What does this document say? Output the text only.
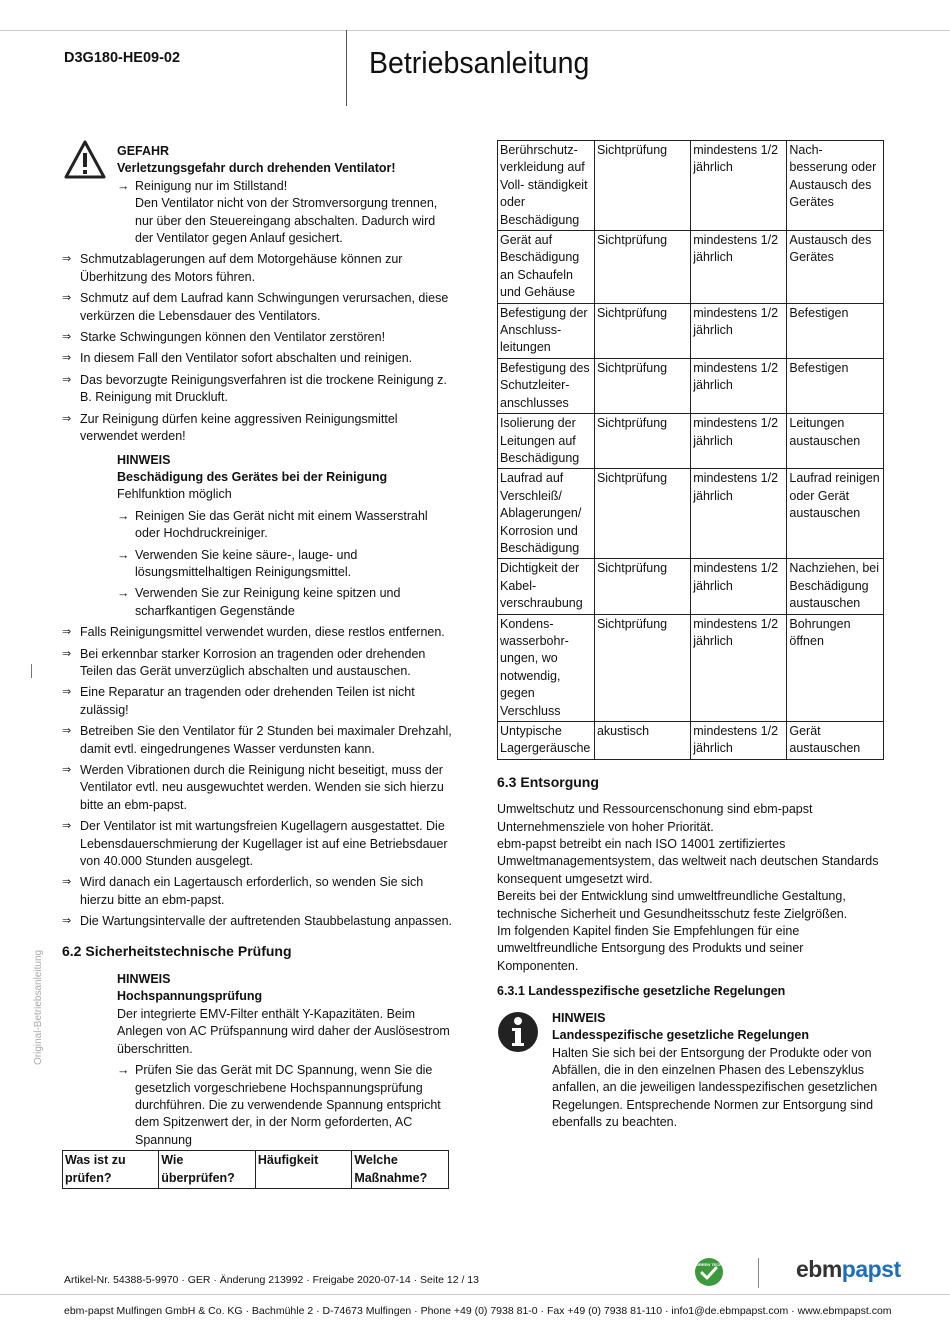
D3G180-HE09-02	Betriebsanleitung
Original-Betriebsanleitung

GEFAHR

Verletzungsgefahr durch drehenden Ventilator!

→ Reinigung nur im Stillstand!

Den Ventilator nicht von der Stromversorgung trennen, nur über den Steuereingang abschalten. Dadurch wird der Ventilator gegen Anlauf gesichert.

⇒ Schmutzablagerungen auf dem Motorgehäuse können zur Überhitzung des Motors führen.

⇒ Schmutz auf dem Laufrad kann Schwingungen verursachen, diese verkürzen die Lebensdauer des Ventilators.

⇒ Starke Schwingungen können den Ventilator zerstören!

⇒ In diesem Fall den Ventilator sofort abschalten und reinigen.

⇒ Das bevorzugte Reinigungsverfahren ist die trockene Reinigung z. B. Reinigung mit Druckluft.

⇒ Zur Reinigung dürfen keine aggressiven Reinigungsmittel verwendet werden!

HINWEIS

Beschädigung des Gerätes bei der Reinigung

Fehlfunktion möglich

→ Reinigen Sie das Gerät nicht mit einem Wasserstrahl oder Hochdruckreiniger.

→ Verwenden Sie keine säure-, lauge- und lösungsmittelhaltigen Reinigungsmittel.

→ Verwenden Sie zur Reinigung keine spitzen und scharfkantigen Gegenstände

⇒ Falls Reinigungsmittel verwendet wurden, diese restlos entfernen.

⇒ Bei erkennbar starker Korrosion an tragenden oder drehenden Teilen das Gerät unverzüglich abschalten und austauschen.

⇒ Eine Reparatur an tragenden oder drehenden Teilen ist nicht zulässig!

⇒ Betreiben Sie den Ventilator für 2 Stunden bei maximaler Drehzahl, damit evtl. eingedrungenes Wasser verdunsten kann.

⇒ Werden Vibrationen durch die Reinigung nicht beseitigt, muss der Ventilator evtl. neu ausgewuchtet werden. Wenden sie sich hierzu bitte an ebm-papst.

⇒ Der Ventilator ist mit wartungsfreien Kugellagern ausgestattet. Die Lebensdauerschmierung der Kugellager ist auf eine Betriebsdauer von 40.000 Stunden ausgelegt.

⇒ Wird danach ein Lagertausch erforderlich, so wenden Sie sich hierzu bitte an ebm-papst.

⇒ Die Wartungsintervalle der auftretenden Staubbelastung anpassen.

6.2 Sicherheitstechnische Prüfung

HINWEIS

Hochspannungsprüfung

Der integrierte EMV-Filter enthält Y-Kapazitäten. Beim Anlegen von AC Prüfspannung wird daher der Auslösestrom überschritten.

→ Prüfen Sie das Gerät mit DC Spannung, wenn Sie die gesetzlich vorgeschriebene Hochspannungsprüfung durchführen. Die zu verwendende Spannung entspricht dem Spitzenwert der, in der Norm geforderten, AC Spannung

Was ist zu prüfen?	Wie überprüfen?	Häufigkeit	Welche Maßnahme?
Berührschutz- verkleidung auf Voll- ständigkeit oder Beschädigung	Sichtprüfung	mindestens 1/2 jährlich	Nach- besserung oder Austausch des Gerätes
Gerät auf Beschädigung an Schaufeln und Gehäuse	Sichtprüfung	mindestens 1/2 jährlich	Austausch des Gerätes
Befestigung der Anschluss- leitungen	Sichtprüfung	mindestens 1/2 jährlich	Befestigen
Befestigung des Schutzleiter- anschlusses	Sichtprüfung	mindestens 1/2 jährlich	Befestigen
Isolierung der Leitungen auf Beschädigung	Sichtprüfung	mindestens 1/2 jährlich	Leitungen austauschen
Laufrad auf Verschleiß/ Ablagerungen/ Korrosion und Beschädigung	Sichtprüfung	mindestens 1/2 jährlich	Laufrad reinigen oder Gerät austauschen
Dichtigkeit der Kabel- verschraubung	Sichtprüfung	mindestens 1/2 jährlich	Nachziehen, bei Beschädigung austauschen
Kondens- wasserbohr- ungen, wo notwendig, gegen Verschluss	Sichtprüfung	mindestens 1/2 jährlich	Bohrungen öffnen
Untypische Lagergeräusche	akustisch	mindestens 1/2 jährlich	Gerät austauschen
6.3 Entsorgung

Umweltschutz und Ressourcenschonung sind ebm-papst Unternehmensziele von hoher Priorität.

ebm-papst betreibt ein nach ISO 14001 zertifiziertes Umweltmanagementsystem, das weltweit nach deutschen Standards konsequent umgesetzt wird.

Bereits bei der Entwicklung sind umweltfreundliche Gestaltung, technische Sicherheit und Gesundheitsschutz feste Zielgrößen.

Im folgenden Kapitel finden Sie Empfehlungen für eine umweltfreundliche Entsorgung des Produkts und seiner Komponenten.

6.3.1 Landesspezifische gesetzliche Regelungen

HINWEIS

Landesspezifische gesetzliche Regelungen

Halten Sie sich bei der Entsorgung der Produkte oder von Abfällen, die in den einzelnen Phasen des Lebenszyklus anfallen, an die jeweiligen landesspezifischen gesetzlichen Regelungen. Entsprechende Normen zur Entsorgung sind ebenfalls zu beachten.

Artikel-Nr. 54388-5-9970 · GER · Änderung 213992 · Freigabe 2020-07-14 · Seite 12 / 13
GREEN TECH	ebmpapst
ebm-papst Mulfingen GmbH & Co. KG · Bachmühle 2 · D-74673 Mulfingen · Phone +49 (0) 7938 81-0 · Fax +49 (0) 7938 81-110 · info1@de.ebmpapst.com · www.ebmpapst.com
